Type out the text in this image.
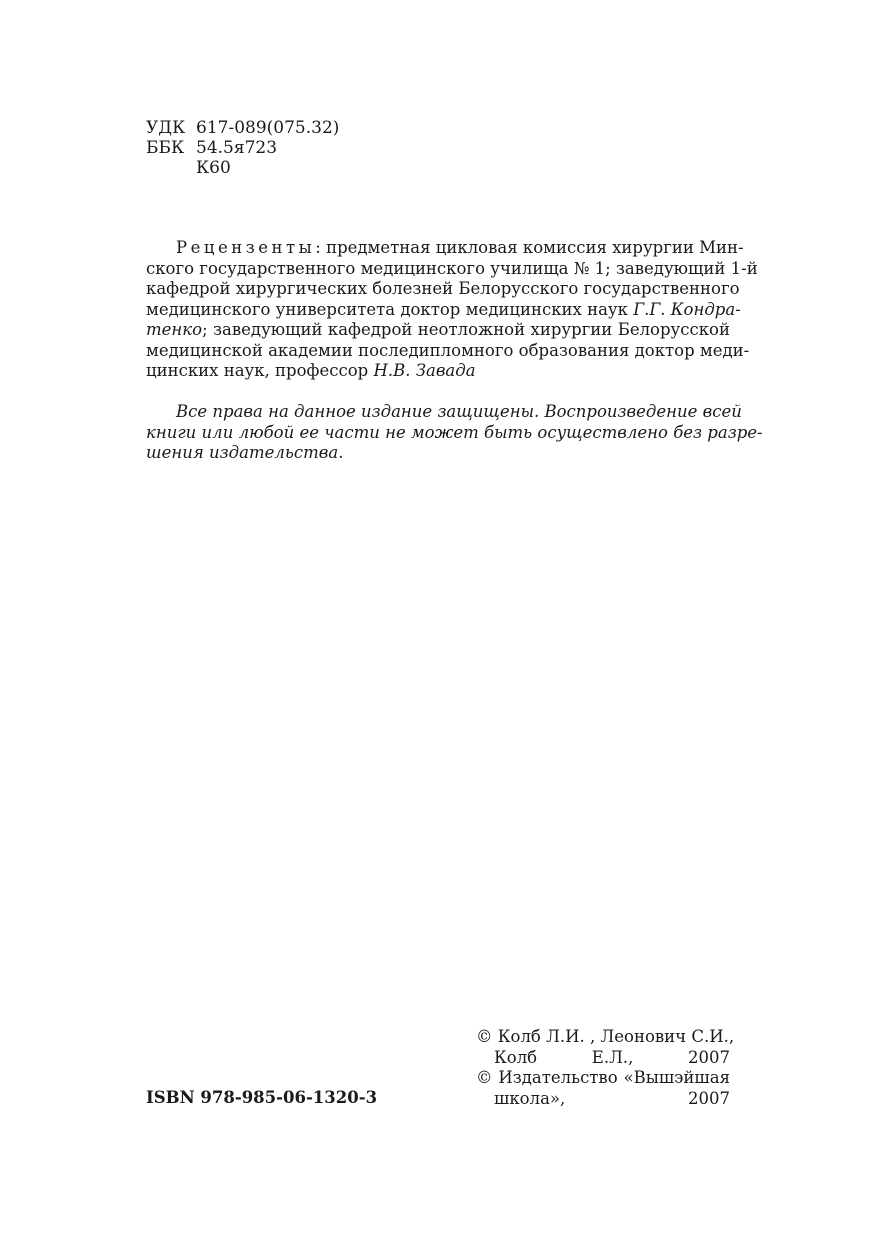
УДК 617-089(075.32)
ББК 54.5я723
К60
Рецензенты: предметная цикловая комиссия хирургии Мин-
ского государственного медицинского училища № 1; заведующий 1-й
кафедрой хирургических болезней Белорусского государственного
медицинского университета доктор медицинских наук Г.Г. Кондра-
тенко; заведующий кафедрой неотложной хирургии Белорусской
медицинской академии последипломного образования доктор меди-
цинских наук, профессор Н.В. Завада
Все права на данное издание защищены. Воспроизведение всей
книги или любой ее части не может быть осуществлено без разре-
шения издательства.
ISBN 978-985-06-1320-3
© Колб Л.И. , Леонович С.И.,
Колб Е.Л., 2007
© Издательство «Вышэйшая
школа», 2007
